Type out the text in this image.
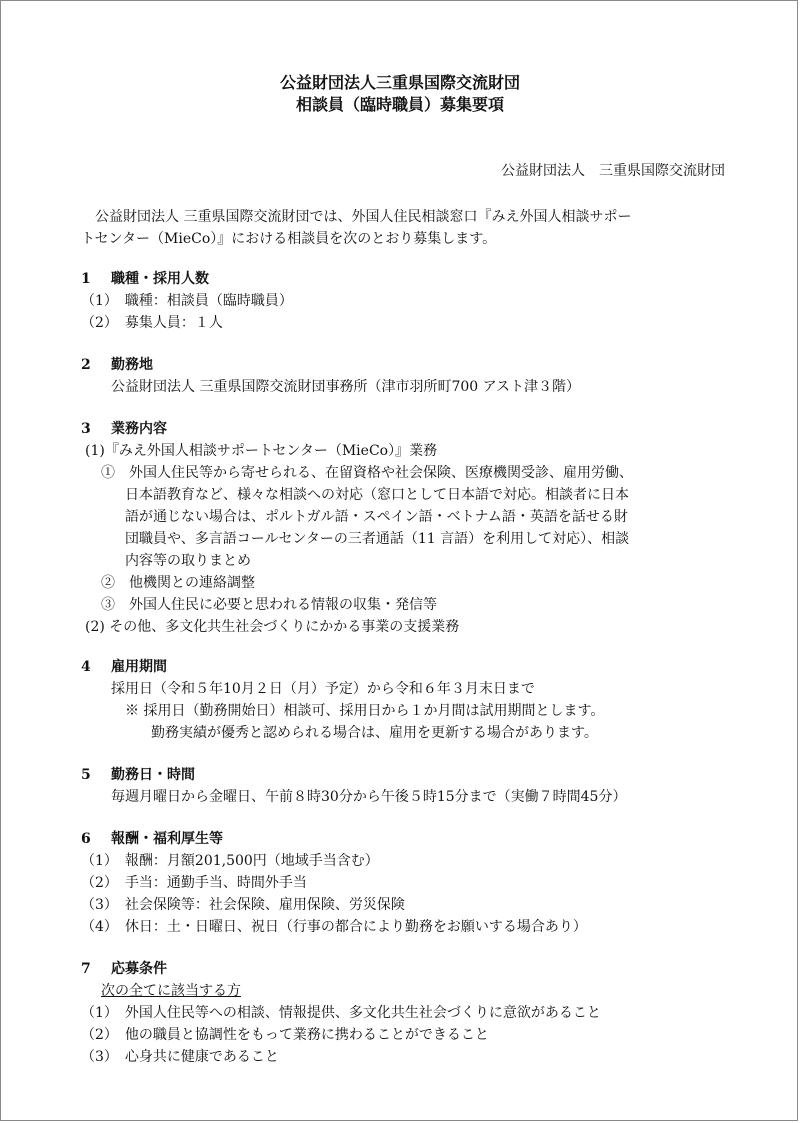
公益財団法人三重県国際交流財団
相談員（臨時職員）募集要項
公益財団法人　三重県国際交流財団
公益財団法人 三重県国際交流財団では、外国人住民相談窓口『みえ外国人相談サポー
トセンター（MieCo）』における相談員を次のとおり募集します。
1 職種・採用人数
（1）　職種：相談員（臨時職員）
（2）　募集人員：１人
2 勤務地
公益財団法人 三重県国際交流財団事務所（津市羽所町700 アスト津３階）
3 業務内容
(1)『みえ外国人相談サポートセンター（MieCo）』業務
①　外国人住民等から寄せられる、在留資格や社会保険、医療機関受診、雇用労働、
日本語教育など、様々な相談への対応（窓口として日本語で対応。相談者に日本
語が通じない場合は、ポルトガル語・スペイン語・ベトナム語・英語を話せる財
団職員や、多言語コールセンターの三者通話（11 言語）を利用して対応）、相談
内容等の取りまとめ
②　他機関との連絡調整
③　外国人住民に必要と思われる情報の収集・発信等
(2) その他、多文化共生社会づくりにかかる事業の支援業務
4 雇用期間
採用日（令和５年10月２日（月）予定）から令和６年３月末日まで
※ 採用日（勤務開始日）相談可、採用日から１か月間は試用期間とします。
勤務実績が優秀と認められる場合は、雇用を更新する場合があります。
5 勤務日・時間
毎週月曜日から金曜日、午前８時30分から午後５時15分まで（実働７時間45分）
6 報酬・福利厚生等
（1）　報酬：月額201,500円（地域手当含む）
（2）　手当：通勤手当、時間外手当
（3）　社会保険等：社会保険、雇用保険、労災保険
（4）　休日：土・日曜日、祝日（行事の都合により勤務をお願いする場合あり）
7 応募条件
次の全てに該当する方
（1）　外国人住民等への相談、情報提供、多文化共生社会づくりに意欲があること
（2）　他の職員と協調性をもって業務に携わることができること
（3）　心身共に健康であること
